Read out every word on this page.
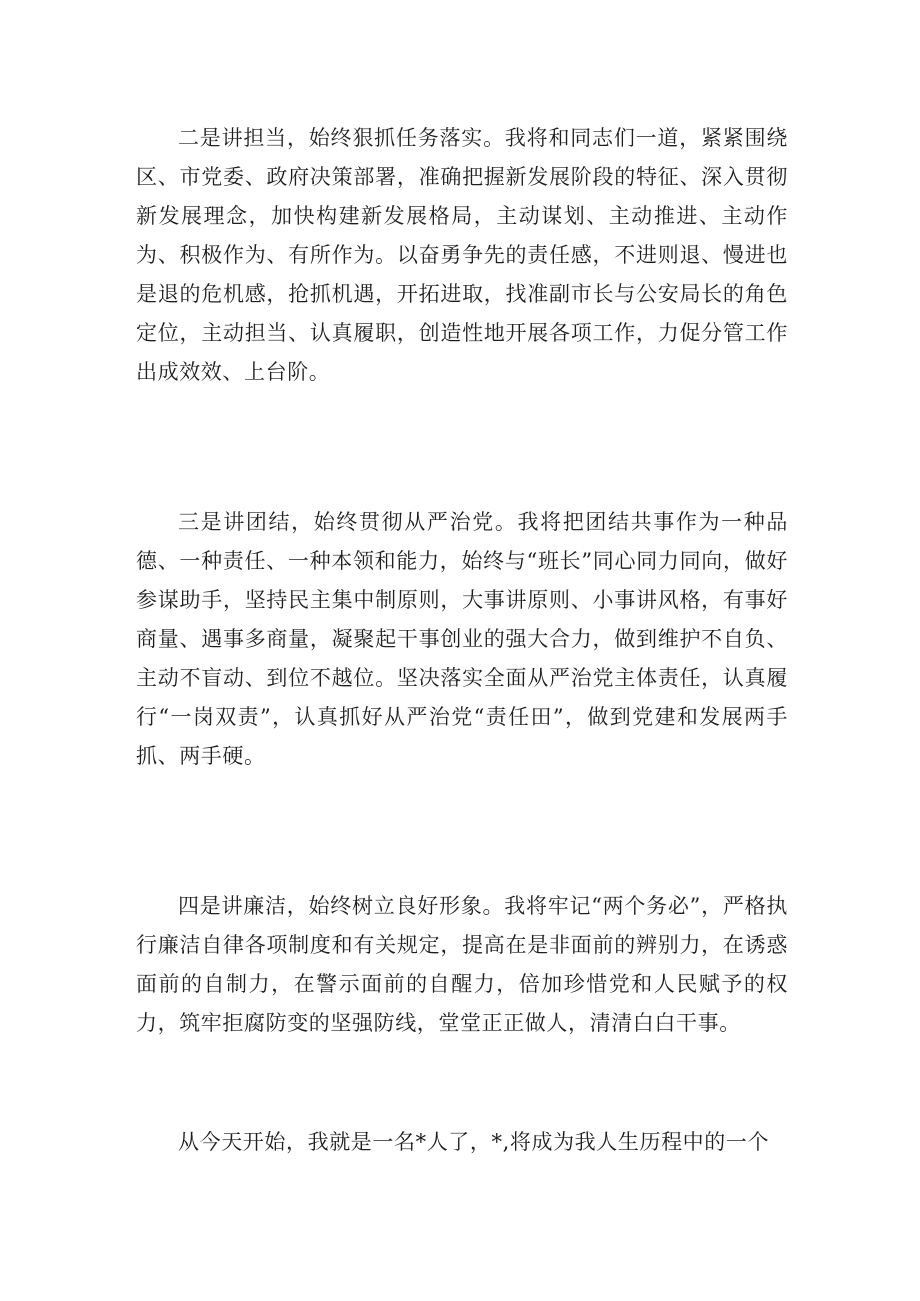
二是讲担当，始终狠抓任务落实。我将和同志们一道，紧紧围绕区、市党委、政府决策部署，准确把握新发展阶段的特征、深入贯彻新发展理念，加快构建新发展格局，主动谋划、主动推进、主动作为、积极作为、有所作为。以奋勇争先的责任感，不进则退、慢进也是退的危机感，抢抓机遇，开拓进取，找准副市长与公安局长的角色定位，主动担当、认真履职，创造性地开展各项工作，力促分管工作出成效效、上台阶。

三是讲团结，始终贯彻从严治党。我将把团结共事作为一种品德、一种责任、一种本领和能力，始终与“班长”同心同力同向，做好参谋助手，坚持民主集中制原则，大事讲原则、小事讲风格，有事好商量、遇事多商量，凝聚起干事创业的强大合力，做到维护不自负、主动不盲动、到位不越位。坚决落实全面从严治党主体责任，认真履行“一岗双责”，认真抓好从严治党“责任田”，做到党建和发展两手抓、两手硬。

四是讲廉洁，始终树立良好形象。我将牢记“两个务必”，严格执行廉洁自律各项制度和有关规定，提高在是非面前的辨别力，在诱惑面前的自制力，在警示面前的自醒力，倍加珍惜党和人民赋予的权力，筑牢拒腐防变的坚强防线，堂堂正正做人，清清白白干事。

从今天开始，我就是一名*人了，*,将成为我人生历程中的一个
